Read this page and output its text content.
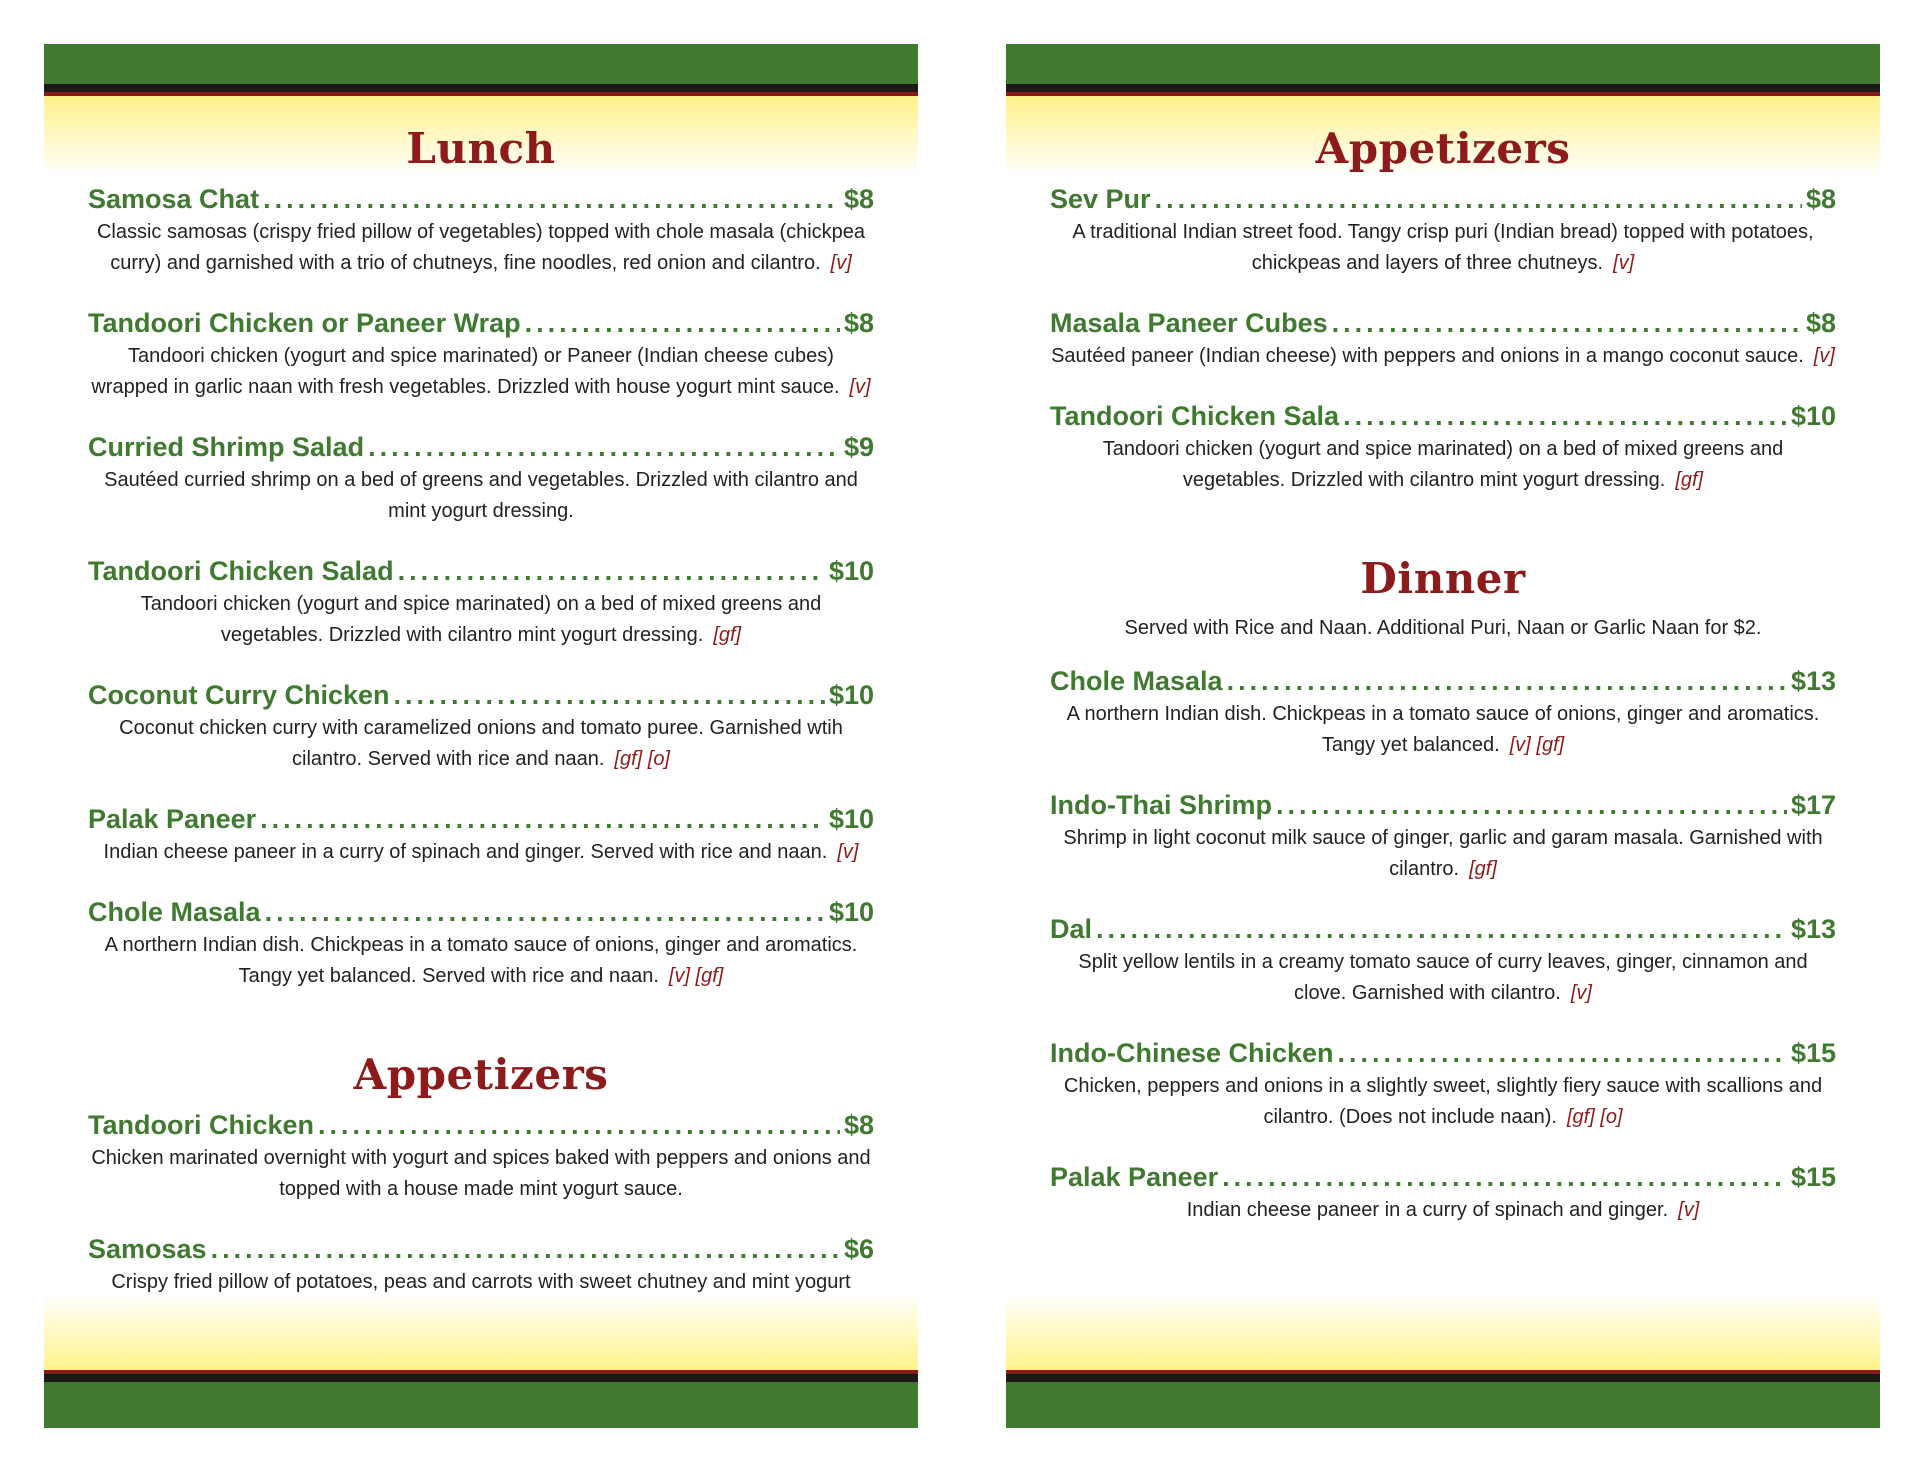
Lunch
Samosa Chat .....	$8
Classic samosas (crispy fried pillow of vegetables) topped with chole masala (chickpea curry) and garnished with a trio of chutneys, fine noodles, red onion and cilantro. [v]
Tandoori Chicken or Paneer Wrap .....	$8
Tandoori chicken (yogurt and spice marinated) or Paneer (Indian cheese cubes) wrapped in garlic naan with fresh vegetables. Drizzled with house yogurt mint sauce. [v]
Curried Shrimp Salad .....	$9
Sautéed curried shrimp on a bed of greens and vegetables. Drizzled with cilantro and mint yogurt dressing.
Tandoori Chicken Salad .....	$10
Tandoori chicken (yogurt and spice marinated) on a bed of mixed greens and vegetables. Drizzled with cilantro mint yogurt dressing. [gf]
Coconut Curry Chicken .....	$10
Coconut chicken curry with caramelized onions and tomato puree. Garnished wtih cilantro. Served with rice and naan. [gf] [o]
Palak Paneer .....	$10
Indian cheese paneer in a curry of spinach and ginger. Served with rice and naan. [v]
Chole Masala .....	$10
A northern Indian dish. Chickpeas in a tomato sauce of onions, ginger and aromatics. Tangy yet balanced. Served with rice and naan. [v] [gf]
Appetizers
Tandoori Chicken .....	$8
Chicken marinated overnight with yogurt and spices baked with peppers and onions and topped with a house made mint yogurt sauce.
Samosas .....	$6
Crispy fried pillow of potatoes, peas and carrots with sweet chutney and mint yogurt
Appetizers
Sev Pur .....	$8
A traditional Indian street food. Tangy crisp puri (Indian bread) topped with potatoes, chickpeas and layers of three chutneys. [v]
Masala Paneer Cubes .....	$8
Sautéed paneer (Indian cheese) with peppers and onions in a mango coconut sauce. [v]
Tandoori Chicken Sala .....	$10
Tandoori chicken (yogurt and spice marinated) on a bed of mixed greens and vegetables. Drizzled with cilantro mint yogurt dressing. [gf]
Dinner
Served with Rice and Naan. Additional Puri, Naan or Garlic Naan for $2.
Chole Masala .....	$13
A northern Indian dish. Chickpeas in a tomato sauce of onions, ginger and aromatics. Tangy yet balanced. [v] [gf]
Indo-Thai Shrimp .....	$17
Shrimp in light coconut milk sauce of ginger, garlic and garam masala. Garnished with cilantro. [gf]
Dal .....	$13
Split yellow lentils in a creamy tomato sauce of curry leaves, ginger, cinnamon and clove. Garnished with cilantro. [v]
Indo-Chinese Chicken .....	$15
Chicken, peppers and onions in a slightly sweet, slightly fiery sauce with scallions and cilantro. (Does not include naan). [gf] [o]
Palak Paneer .....	$15
Indian cheese paneer in a curry of spinach and ginger. [v]
